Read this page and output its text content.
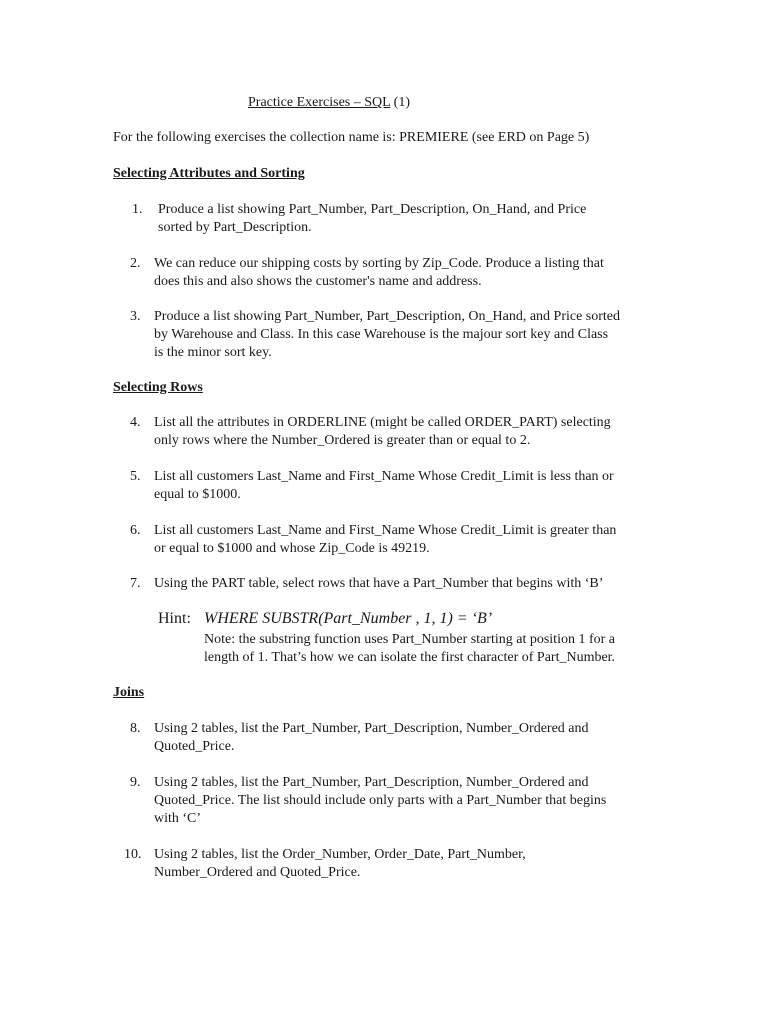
Practice Exercises – SQL (1)
For the following exercises the collection name is: PREMIERE (see ERD on Page 5)
Selecting Attributes and Sorting
1. Produce a list showing Part_Number, Part_Description, On_Hand, and Price
sorted by Part_Description.
2. We can reduce our shipping costs by sorting by Zip_Code. Produce a listing that
does this and also shows the customer's name and address.
3. Produce a list showing Part_Number, Part_Description, On_Hand, and Price sorted
by Warehouse and Class. In this case Warehouse is the majour sort key and Class
is the minor sort key.
Selecting Rows
4. List all the attributes in ORDERLINE (might be called ORDER_PART) selecting
only rows where the Number_Ordered is greater than or equal to 2.
5. List all customers Last_Name and First_Name Whose Credit_Limit is less than or
equal to $1000.
6. List all customers Last_Name and First_Name Whose Credit_Limit is greater than
or equal to $1000 and whose Zip_Code is 49219.
7. Using the PART table, select rows that have a Part_Number that begins with ‘B’
Hint: WHERE SUBSTR(Part_Number , 1, 1) = ‘B’
Note: the substring function uses Part_Number starting at position 1 for a
length of 1. That’s how we can isolate the first character of Part_Number.
Joins
8. Using 2 tables, list the Part_Number, Part_Description, Number_Ordered and
Quoted_Price.
9. Using 2 tables, list the Part_Number, Part_Description, Number_Ordered and
Quoted_Price. The list should include only parts with a Part_Number that begins
with ‘C’
10. Using 2 tables, list the Order_Number, Order_Date, Part_Number,
Number_Ordered and Quoted_Price.
